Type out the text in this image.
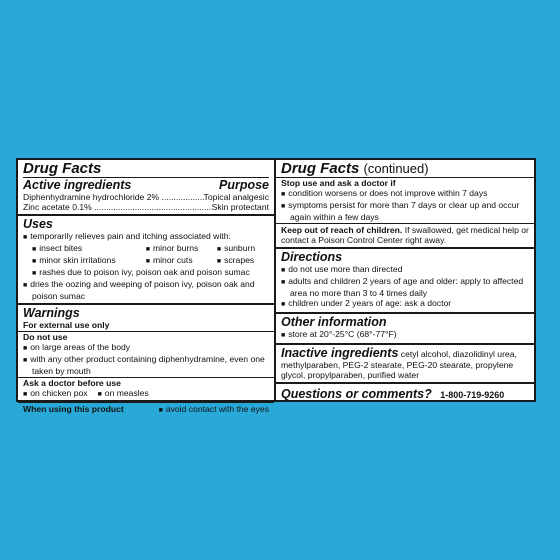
Drug Facts
Active ingredients	Purpose
Diphenhydramine hydrochloride 2% .....	Topical analgesic
Zinc acetate 0.1% .....	Skin protectant
Uses
■ temporarily relieves pain and itching associated with:
■ insect bites	■ minor burns	■ sunburn
■ minor skin irritations	■ minor cuts	■ scrapes
■ rashes due to poison ivy, poison oak and poison sumac
■ dries the oozing and weeping of poison ivy, poison oak and poison sumac
Warnings
For external use only
Do not use
■ on large areas of the body
■ with any other product containing diphenhydramine, even one taken by mouth
Ask a doctor before use
■ on chicken pox	■ on measles
When using this product	■ avoid contact with the eyes
Drug Facts (continued)
Stop use and ask a doctor if
■ condition worsens or does not improve within 7 days
■ symptoms persist for more than 7 days or clear up and occur again within a few days
Keep out of reach of children. If swallowed, get medical help or contact a Poison Control Center right away.
Directions
■ do not use more than directed
■ adults and children 2 years of age and older: apply to affected area no more than 3 to 4 times daily
■ children under 2 years of age: ask a doctor
Other information
■ store at 20°-25°C (68°-77°F)
Inactive ingredients cetyl alcohol, diazolidinyl urea, methylparaben, PEG-2 stearate, PEG-20 stearate, propylene glycol, propylparaben, purified water
Questions or comments? 1-800-719-9260
